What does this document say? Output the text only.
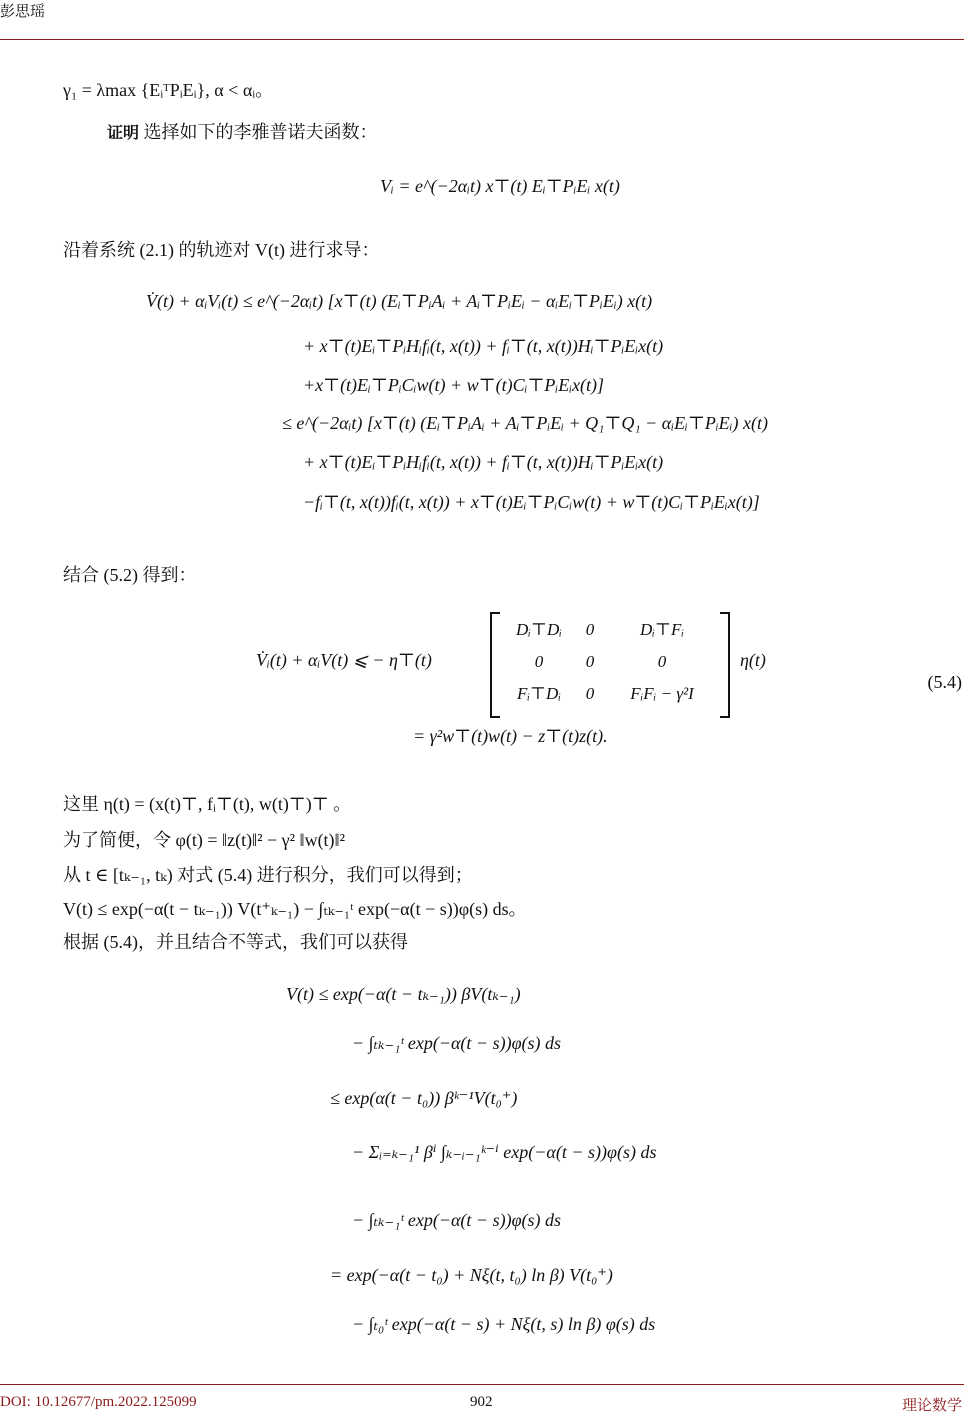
彭思瑶
γ₁ = λmax {EᵢᵀPᵢEᵢ}, α < αᵢ。
证明 选择如下的李雅普诺夫函数：
Vᵢ = e^(−2αᵢt) x⊤(t) Eᵢ⊤PᵢEᵢ x(t)
沿着系统 (2.1) 的轨迹对 V(t) 进行求导：
V̇(t) + αᵢVᵢ(t) ≤ e^(−2αᵢt) [x⊤(t) (Eᵢ⊤PᵢAᵢ + Aᵢ⊤PᵢEᵢ − αᵢEᵢ⊤PᵢEᵢ) x(t)
+ x⊤(t)Eᵢ⊤PᵢHᵢfᵢ(t, x(t)) + fᵢ⊤(t, x(t))Hᵢ⊤PᵢEᵢx(t)
+x⊤(t)Eᵢ⊤PᵢCᵢw(t) + w⊤(t)Cᵢ⊤PᵢEᵢx(t)]
≤ e^(−2αᵢt) [x⊤(t) (Eᵢ⊤PᵢAᵢ + Aᵢ⊤PᵢEᵢ + Q₁⊤Q₁ − αᵢEᵢ⊤PᵢEᵢ) x(t)
+ x⊤(t)Eᵢ⊤PᵢHᵢfᵢ(t, x(t)) + fᵢ⊤(t, x(t))Hᵢ⊤PᵢEᵢx(t)
−fᵢ⊤(t, x(t))fᵢ(t, x(t)) + x⊤(t)Eᵢ⊤PᵢCᵢw(t) + w⊤(t)Cᵢ⊤PᵢEᵢx(t)]
结合 (5.2) 得到：
V̇ᵢ(t) + αᵢV(t) ⩽ − η⊤(t)
Dᵢ⊤Dᵢ	0	Dᵢ⊤Fᵢ
0	0	0
Fᵢ⊤Dᵢ	0	FᵢFᵢ − γ²I
η(t)
(5.4)
= γ²w⊤(t)w(t) − z⊤(t)z(t).
这里 η(t) = (x(t)⊤, fᵢ⊤(t), w(t)⊤)⊤ 。
为了简便，令 φ(t) = ‖z(t)‖² − γ² ‖w(t)‖²
从 t ∈ [tₖ₋₁, tₖ) 对式 (5.4) 进行积分，我们可以得到；
V(t) ≤ exp(−α(t − tₖ₋₁)) V(t⁺ₖ₋₁) − ∫ₜₖ₋₁ᵗ exp(−α(t − s))φ(s) ds。
根据 (5.4)，并且结合不等式，我们可以获得
V(t) ≤ exp(−α(t − tₖ₋₁)) βV(tₖ₋₁)
− ∫ₜₖ₋₁ᵗ exp(−α(t − s))φ(s) ds
≤ exp(α(t − t₀)) βᵏ⁻¹V(t₀⁺)
− Σᵢ₌ₖ₋₁¹ βⁱ ∫ₖ₋ᵢ₋₁ᵏ⁻ⁱ exp(−α(t − s))φ(s) ds
− ∫ₜₖ₋₁ᵗ exp(−α(t − s))φ(s) ds
= exp(−α(t − t₀) + Nξ(t, t₀) ln β) V(t₀⁺)
− ∫ₜ₀ᵗ exp(−α(t − s) + Nξ(t, s) ln β) φ(s) ds
DOI: 10.12677/pm.2022.125099	902	理论数学
